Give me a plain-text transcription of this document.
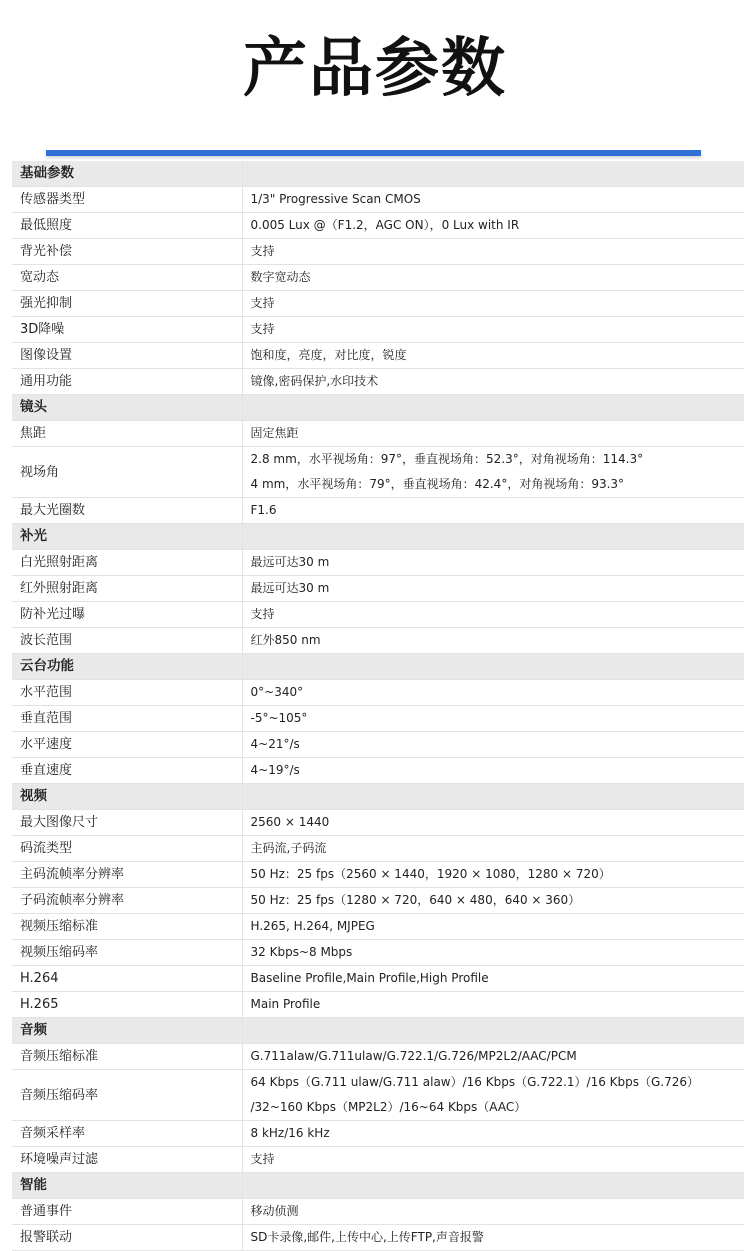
产品参数
基础参数	
传感器类型	1/3" Progressive Scan CMOS

最低照度	0.005 Lux @（F1.2，AGC ON），0 Lux with IR

背光补偿	支持

宽动态	数字宽动态

强光抑制	支持

3D降噪	支持

图像设置	饱和度，亮度，对比度，锐度

通用功能	镜像,密码保护,水印技术

镜头	
焦距	固定焦距

视场角	2.8 mm，水平视场角：97°，垂直视场角：52.3°，对角视场角：114.3°
4 mm，水平视场角：79°，垂直视场角：42.4°，对角视场角：93.3°

最大光圈数	F1.6

补光	
白光照射距离	最远可达30 m

红外照射距离	最远可达30 m

防补光过曝	支持

波长范围	红外850 nm

云台功能	
水平范围	0°~340°

垂直范围	-5°~105°

水平速度	4~21°/s

垂直速度	4~19°/s

视频	
最大图像尺寸	2560 × 1440

码流类型	主码流,子码流

主码流帧率分辨率	50 Hz：25 fps（2560 × 1440，1920 × 1080，1280 × 720）

子码流帧率分辨率	50 Hz：25 fps（1280 × 720，640 × 480，640 × 360）

视频压缩标准	H.265, H.264, MJPEG

视频压缩码率	32 Kbps~8 Mbps

H.264	Baseline Profile,Main Profile,High Profile

H.265	Main Profile

音频	
音频压缩标准	G.711alaw/G.711ulaw/G.722.1/G.726/MP2L2/AAC/PCM

音频压缩码率	64 Kbps（G.711 ulaw/G.711 alaw）/16 Kbps（G.722.1）/16 Kbps（G.726）
/32~160 Kbps（MP2L2）/16~64 Kbps（AAC）

音频采样率	8 kHz/16 kHz

环境噪声过滤	支持

智能	
普通事件	移动侦测

报警联动	SD卡录像,邮件,上传中心,上传FTP,声音报警
